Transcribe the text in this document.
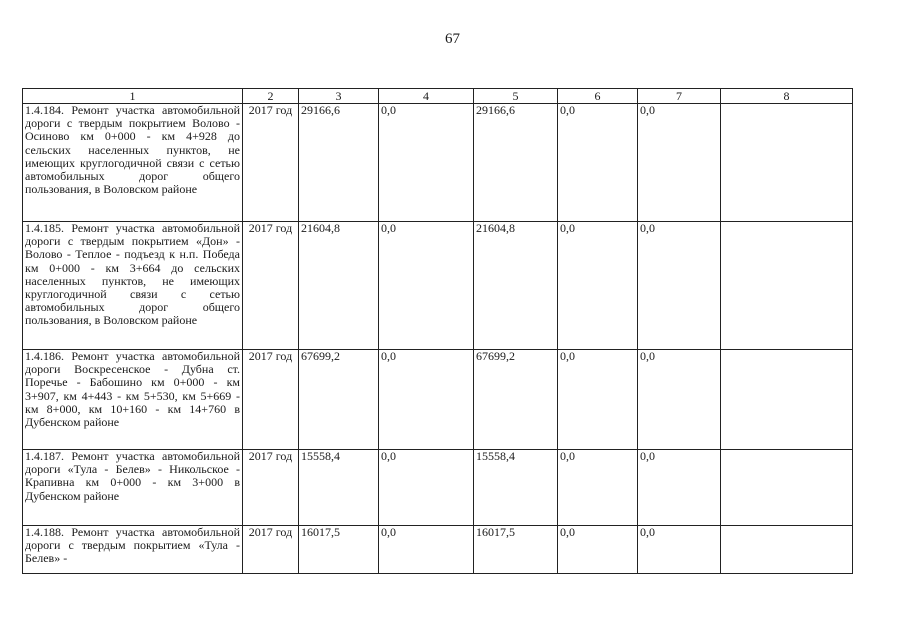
67
1	2	3	4	5	6	7	8
1.4.184. Ремонт участка автомобильной дороги с твердым покрытием Волово - Осиново км 0+000 - км 4+928 до сельских населенных пунктов, не имеющих круглогодичной связи с сетью автомобильных дорог общего пользования, в Воловском районе	2017 год	29166,6	0,0	29166,6	0,0	0,0	
1.4.185. Ремонт участка автомобильной дороги с твердым покрытием «Дон» - Волово - Теплое - подъезд к н.п. Победа км 0+000 - км 3+664 до сельских населенных пунктов, не имеющих круглогодичной связи с сетью автомобильных дорог общего пользования, в Воловском районе	2017 год	21604,8	0,0	21604,8	0,0	0,0	
1.4.186. Ремонт участка автомобильной дороги Воскресенское - Дубна ст. Поречье - Бабошино км 0+000 - км 3+907, км 4+443 - км 5+530, км 5+669 - км 8+000, км 10+160 - км 14+760 в Дубенском районе	2017 год	67699,2	0,0	67699,2	0,0	0,0	
1.4.187. Ремонт участка автомобильной дороги «Тула - Белев» - Никольское - Крапивна км 0+000 - км 3+000 в Дубенском районе	2017 год	15558,4	0,0	15558,4	0,0	0,0	
1.4.188. Ремонт участка автомобильной дороги с твердым покрытием «Тула - Белев» -	2017 год	16017,5	0,0	16017,5	0,0	0,0	
